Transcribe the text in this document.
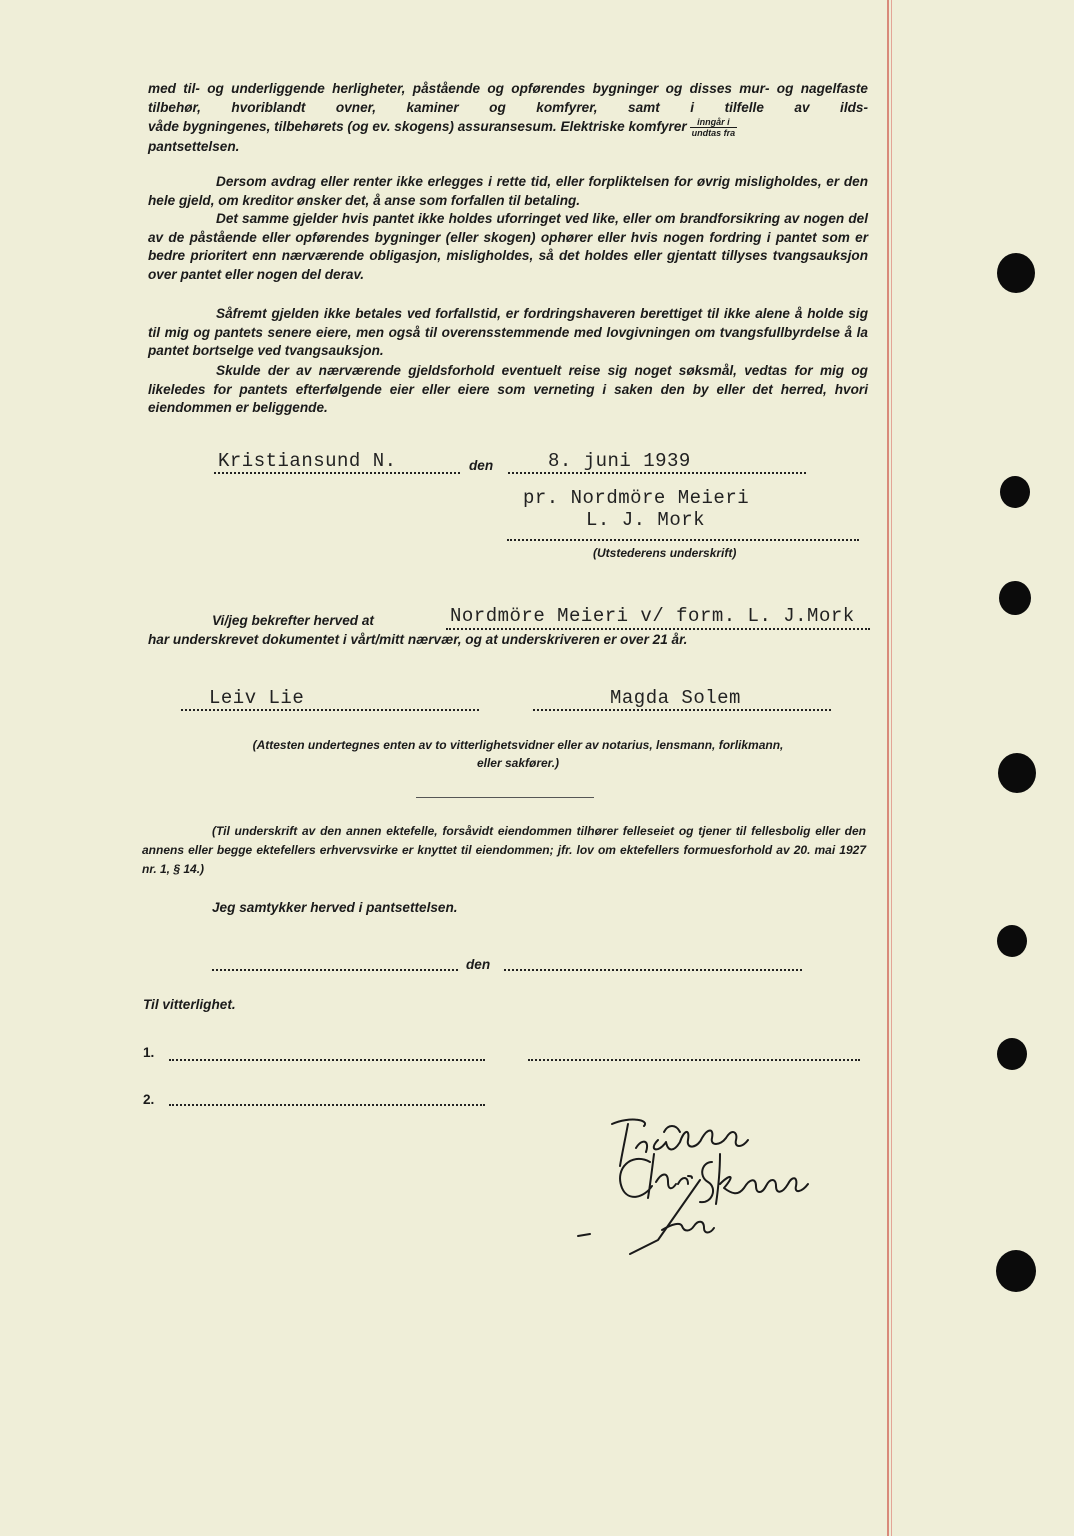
med til- og underliggende herligheter, påstående og opførendes bygninger og disses mur- og nagelfaste tilbehør, hvoriblandt ovner, kaminer og komfyrer, samt i tilfelle av ilds- våde bygningenes, tilbehørets (og ev. skogens) assuransesum. Elektriske komfyrer $\frac{\text{inngår i}}{\text{undtas fra}}$

pantsettelsen.

Dersom avdrag eller renter ikke erlegges i rette tid, eller forpliktelsen for øvrig misligholdes, er den hele gjeld, om kreditor ønsker det, å anse som forfallen til betaling.

Det samme gjelder hvis pantet ikke holdes uforringet ved like, eller om brandforsikring av nogen del av de påstående eller opførendes bygninger (eller skogen) ophører eller hvis nogen fordring i pantet som er bedre prioritert enn nærværende obligasjon, misligholdes, så det holdes eller gjentatt tillyses tvangsauksjon over pantet eller nogen del derav.

Såfremt gjelden ikke betales ved forfallstid, er fordringshaveren berettiget til ikke alene å holde sig til mig og pantets senere eiere, men også til overensstemmende med lovgivningen om tvangsfullbyrdelse å la pantet bortselge ved tvangsauksjon.

Skulde der av nærværende gjeldsforhold eventuelt reise sig noget søksmål, vedtas for mig og likeledes for pantets efterfølgende eier eller eiere som verneting i saken den by eller det herred, hvori eiendommen er beliggende.

Kristiansund N.	den	8. juni 1939
pr. Nordmöre Meieri
L. J. Mork
(Utstederens underskrift)
Vi/jeg bekrefter herved at	Nordmöre Meieri v/ form. L. J.Mork
har underskrevet dokumentet i vårt/mitt nærvær, og at underskriveren er over 21 år.
Leiv Lie	Magda Solem
(Attesten undertegnes enten av to vitterlighetsvidner eller av notarius, lensmann, forlikmann,
eller sakfører.)

(Til underskrift av den annen ektefelle, forsåvidt eiendommen tilhører felleseiet og tjener til fellesbolig eller den annens eller begge ektefellers erhvervsvirke er knyttet til eiendommen; jfr. lov om ektefellers formuesforhold av 20. mai 1927 nr. 1, § 14.)

Jeg samtykker herved i pantsettelsen.
den
Til vitterlighet.
1.
2.
